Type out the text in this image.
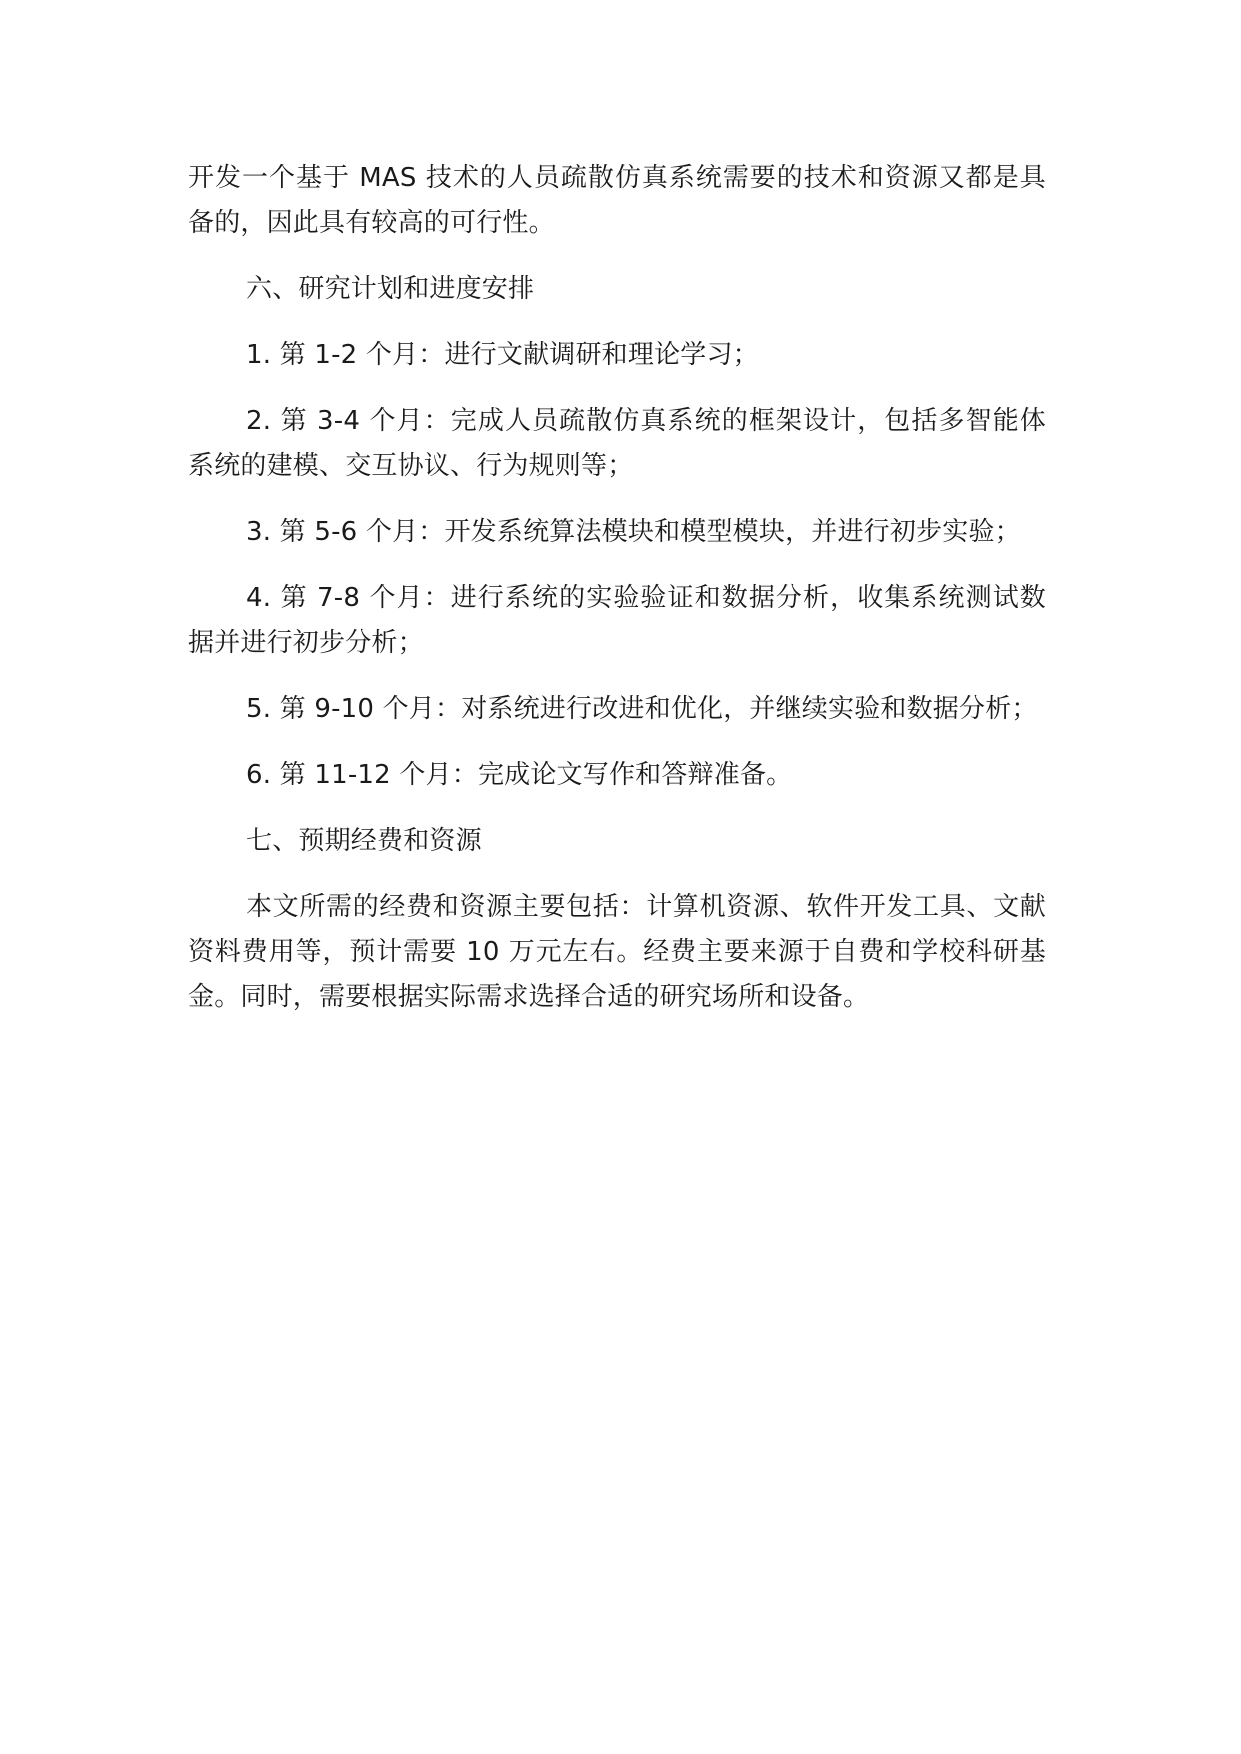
开发一个基于 MAS 技术的人员疏散仿真系统需要的技术和资源又都是具备的，因此具有较高的可行性。

六、研究计划和进度安排

1. 第 1-2 个月：进行文献调研和理论学习；

2. 第 3-4 个月：完成人员疏散仿真系统的框架设计，包括多智能体系统的建模、交互协议、行为规则等；

3. 第 5-6 个月：开发系统算法模块和模型模块，并进行初步实验；

4. 第 7-8 个月：进行系统的实验验证和数据分析，收集系统测试数据并进行初步分析；

5. 第 9-10 个月：对系统进行改进和优化，并继续实验和数据分析；

6. 第 11-12 个月：完成论文写作和答辩准备。

七、预期经费和资源

本文所需的经费和资源主要包括：计算机资源、软件开发工具、文献资料费用等，预计需要 10 万元左右。经费主要来源于自费和学校科研基金。同时，需要根据实际需求选择合适的研究场所和设备。
